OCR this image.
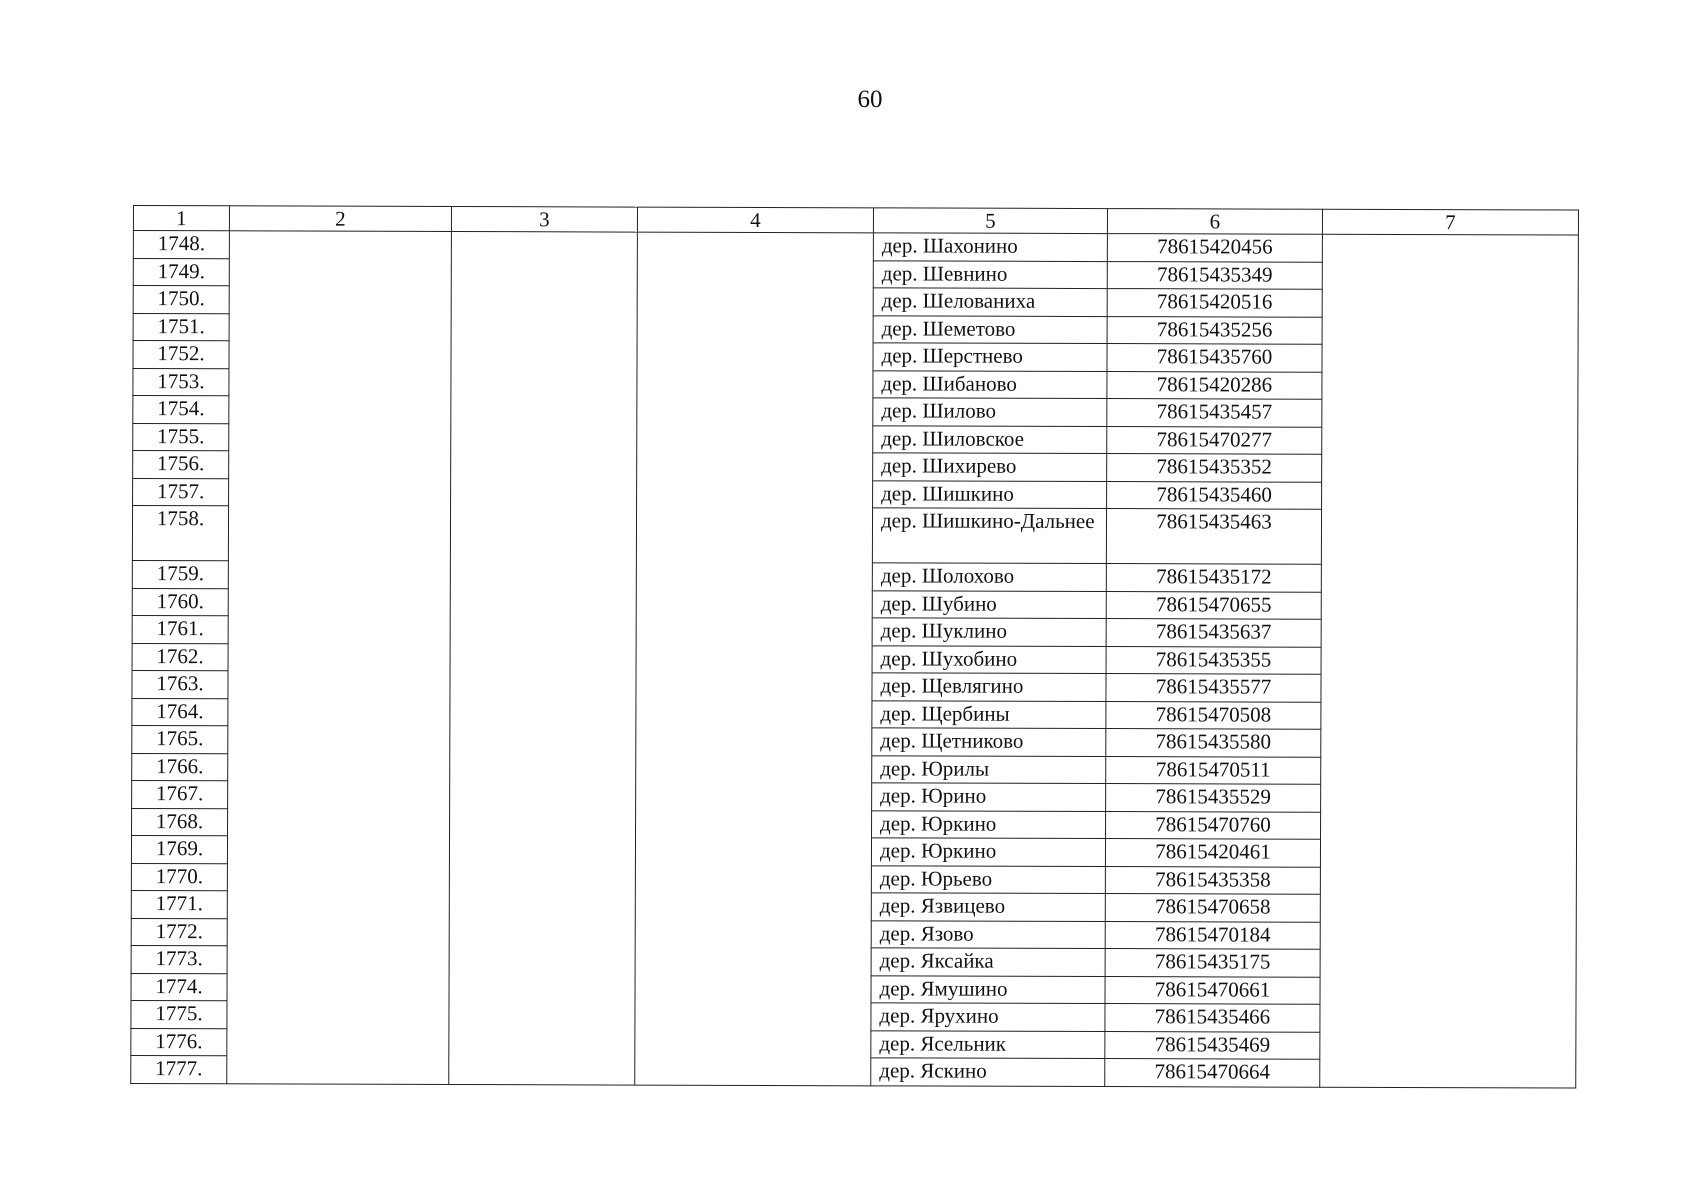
60
1	2	3	4	5	6	7
1748.				дер. Шахонино	78615420456	
1749.				дер. Шевнино	78615435349	
1750.				дер. Шелованиха	78615420516	
1751.				дер. Шеметово	78615435256	
1752.				дер. Шерстнево	78615435760	
1753.				дер. Шибаново	78615420286	
1754.				дер. Шилово	78615435457	
1755.				дер. Шиловское	78615470277	
1756.				дер. Шихирево	78615435352	
1757.				дер. Шишкино	78615435460	
1758.				дер. Шишкино-Дальнее	78615435463	
1759.				дер. Шолохово	78615435172	
1760.				дер. Шубино	78615470655	
1761.				дер. Шуклино	78615435637	
1762.				дер. Шухобино	78615435355	
1763.				дер. Щевлягино	78615435577	
1764.				дер. Щербины	78615470508	
1765.				дер. Щетниково	78615435580	
1766.				дер. Юрилы	78615470511	
1767.				дер. Юрино	78615435529	
1768.				дер. Юркино	78615470760	
1769.				дер. Юркино	78615420461	
1770.				дер. Юрьево	78615435358	
1771.				дер. Язвицево	78615470658	
1772.				дер. Язово	78615470184	
1773.				дер. Яксайка	78615435175	
1774.				дер. Ямушино	78615470661	
1775.				дер. Ярухино	78615435466	
1776.				дер. Ясельник	78615435469	
1777.				дер. Яскино	78615470664	
